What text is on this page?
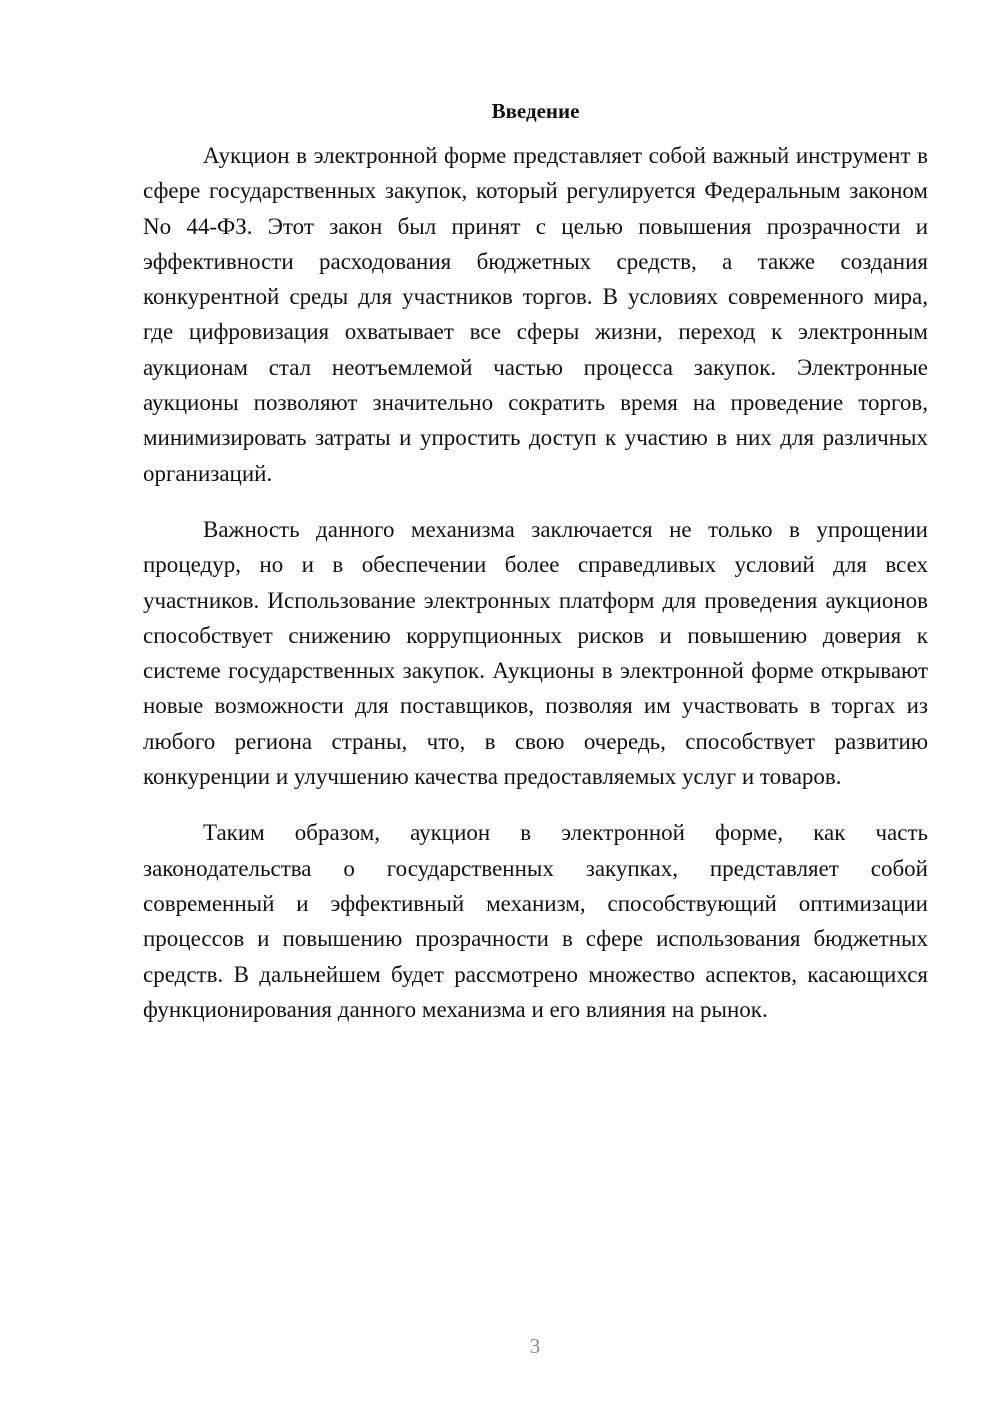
Введение

Аукцион в электронной форме представляет собой важный инструмент в сфере государственных закупок, который регулируется Федеральным законом No 44-ФЗ. Этот закон был принят с целью повышения прозрачности и эффективности расходования бюджетных средств, а также создания конкурентной среды для участников торгов. В условиях современного мира, где цифровизация охватывает все сферы жизни, переход к электронным аукционам стал неотъемлемой частью процесса закупок. Электронные аукционы позволяют значительно сократить время на проведение торгов, минимизировать затраты и упростить доступ к участию в них для различных организаций.

Важность данного механизма заключается не только в упрощении процедур, но и в обеспечении более справедливых условий для всех участников. Использование электронных платформ для проведения аукционов способствует снижению коррупционных рисков и повышению доверия к системе государственных закупок. Аукционы в электронной форме открывают новые возможности для поставщиков, позволяя им участвовать в торгах из любого региона страны, что, в свою очередь, способствует развитию конкуренции и улучшению качества предоставляемых услуг и товаров.

Таким образом, аукцион в электронной форме, как часть законодательства о государственных закупках, представляет собой современный и эффективный механизм, способствующий оптимизации процессов и повышению прозрачности в сфере использования бюджетных средств. В дальнейшем будет рассмотрено множество аспектов, касающихся функционирования данного механизма и его влияния на рынок.

3
